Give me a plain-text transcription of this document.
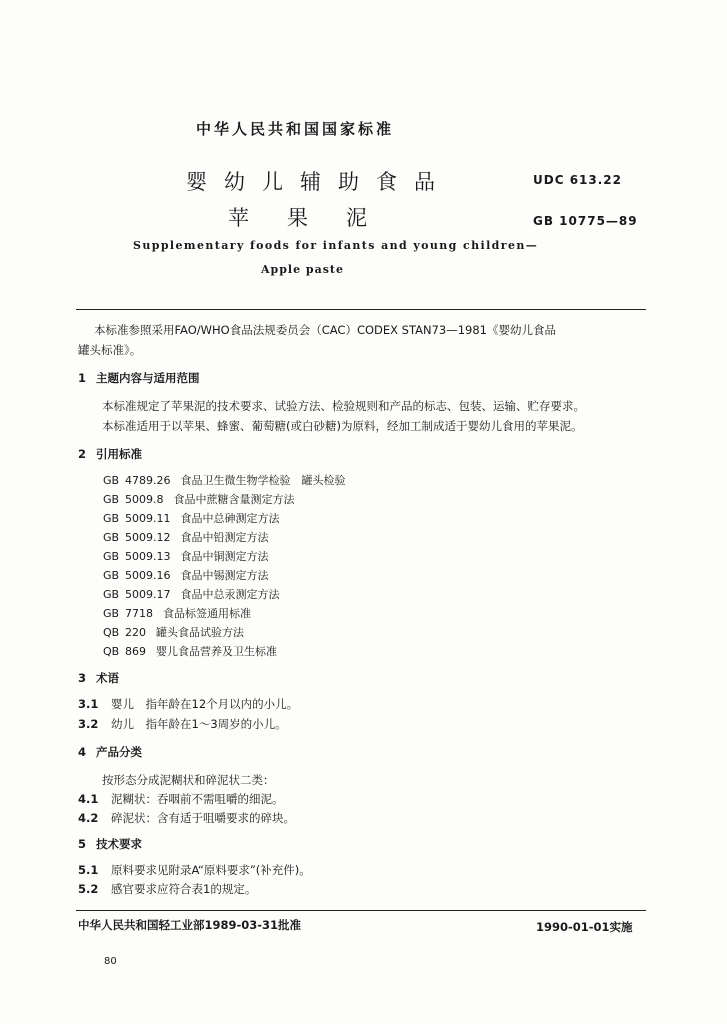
中华人民共和国国家标准
婴幼儿辅助食品
苹 果 泥
UDC 613.22
GB 10775—89
Supplementary foods for infants and young children—
Apple paste
本标准参照采用FAO/WHO食品法规委员会（CAC）CODEX STAN73—1981《婴幼儿食品
罐头标准》。
1 主题内容与适用范围
本标准规定了苹果泥的技术要求、试验方法、检验规则和产品的标志、包装、运输、贮存要求。
本标准适用于以苹果、蜂蜜、葡萄糖(或白砂糖)为原料，经加工制成适于婴幼儿食用的苹果泥。
2 引用标准
GB 4789.26 食品卫生微生物学检验　罐头检验
GB 5009.8 食品中蔗糖含量测定方法
GB 5009.11 食品中总砷测定方法
GB 5009.12 食品中铅测定方法
GB 5009.13 食品中铜测定方法
GB 5009.16 食品中锡测定方法
GB 5009.17 食品中总汞测定方法
GB 7718 食品标签通用标准
QB 220 罐头食品试验方法
QB 869 婴儿食品营养及卫生标准
3 术语
3.1 婴儿　指年龄在12个月以内的小儿。
3.2 幼儿　指年龄在1～3周岁的小儿。
4 产品分类
按形态分成泥糊状和碎泥状二类：
4.1 泥糊状：吞咽前不需咀嚼的细泥。
4.2 碎泥状：含有适于咀嚼要求的碎块。
5 技术要求
5.1 原料要求见附录A“原料要求”(补充件)。
5.2 感官要求应符合表1的规定。
中华人民共和国轻工业部1989-03-31批准	1990-01-01实施
80
